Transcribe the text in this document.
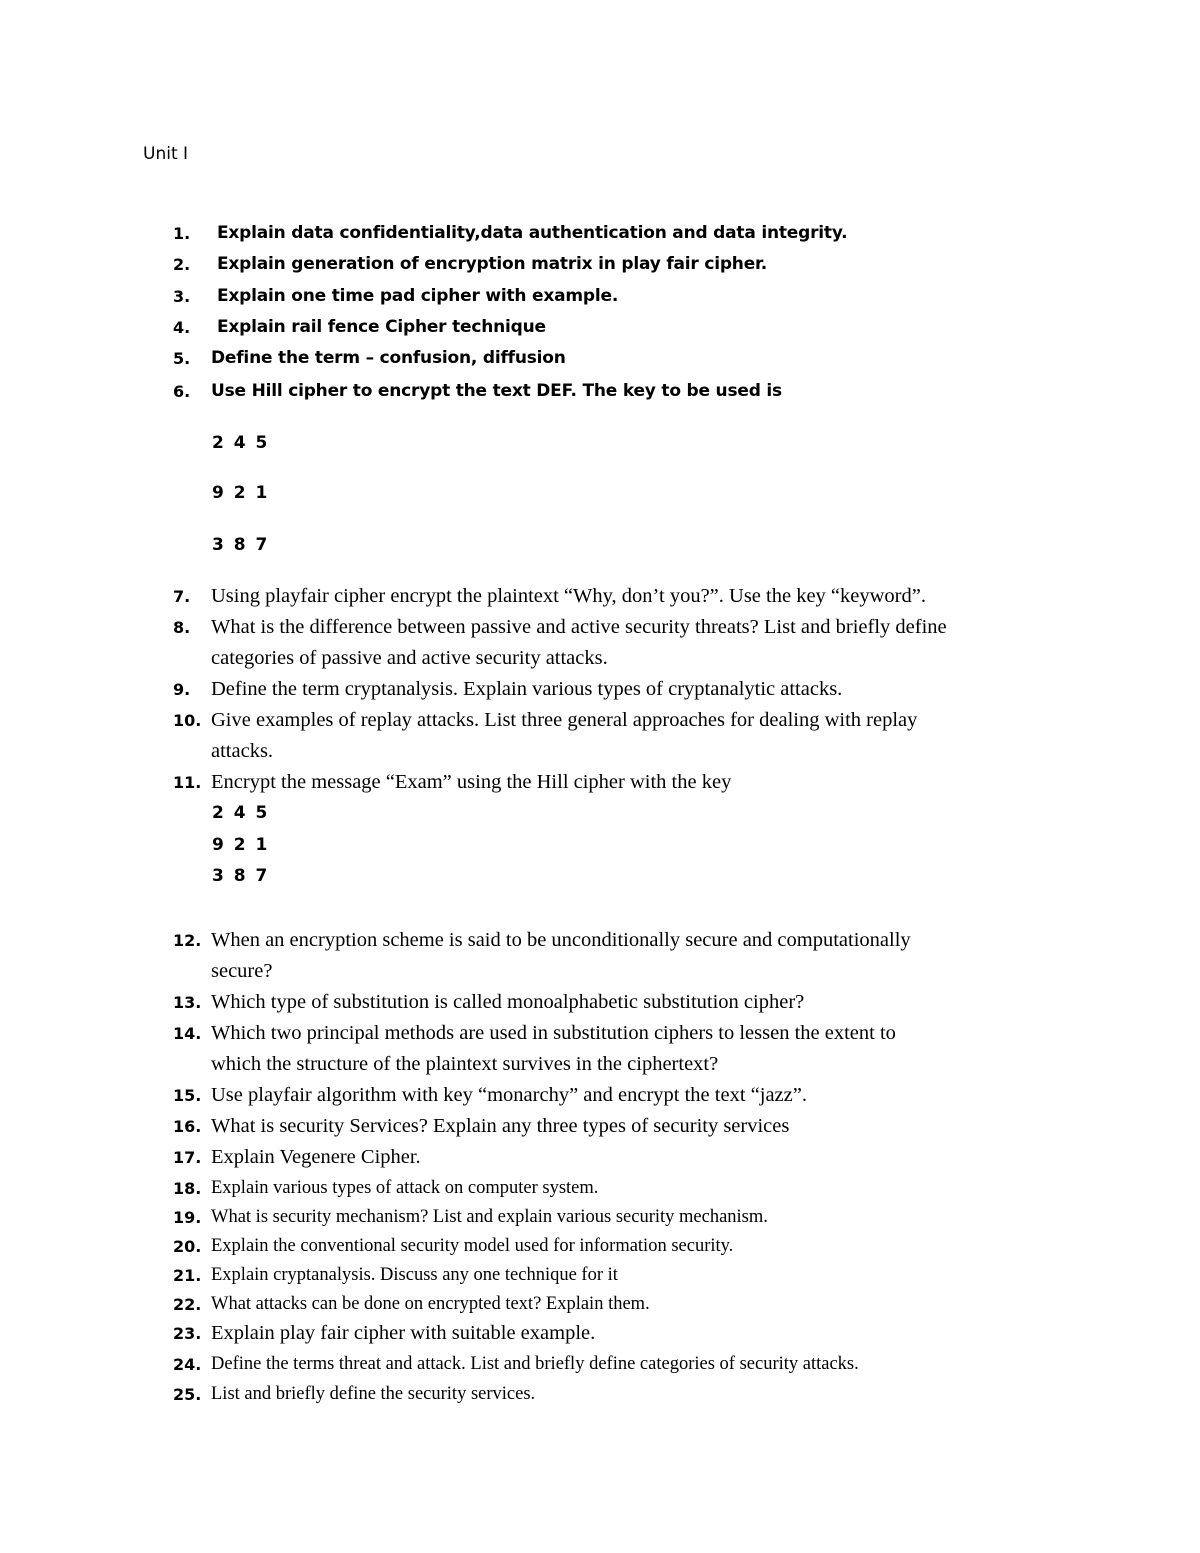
Unit I
1. Explain data confidentiality,data authentication and data integrity.
2. Explain generation of encryption matrix in play fair cipher.
3. Explain one time pad cipher with example.
4. Explain rail fence Cipher technique
5. Define the term – confusion, diffusion
6. Use Hill cipher to encrypt the text DEF. The key to be used is
2 4 5
9 2 1
3 8 7
7. Using playfair cipher encrypt the plaintext “Why, don’t you?”. Use the key “keyword”.
8. What is the difference between passive and active security threats? List and briefly define
categories of passive and active security attacks.
9. Define the term cryptanalysis. Explain various types of cryptanalytic attacks.
10. Give examples of replay attacks. List three general approaches for dealing with replay
attacks.
11. Encrypt the message “Exam” using the Hill cipher with the key
2 4 5
9 2 1
3 8 7
12. When an encryption scheme is said to be unconditionally secure and computationally
secure?
13. Which type of substitution is called monoalphabetic substitution cipher?
14. Which two principal methods are used in substitution ciphers to lessen the extent to
which the structure of the plaintext survives in the ciphertext?
15. Use playfair algorithm with key “monarchy” and encrypt the text “jazz”.
16. What is security Services? Explain any three types of security services
17. Explain Vegenere Cipher.
18. Explain various types of attack on computer system.
19. What is security mechanism? List and explain various security mechanism.
20. Explain the conventional security model used for information security.
21. Explain cryptanalysis. Discuss any one technique for it
22. What attacks can be done on encrypted text? Explain them.
23. Explain play fair cipher with suitable example.
24. Define the terms threat and attack. List and briefly define categories of security attacks.
25. List and briefly define the security services.
